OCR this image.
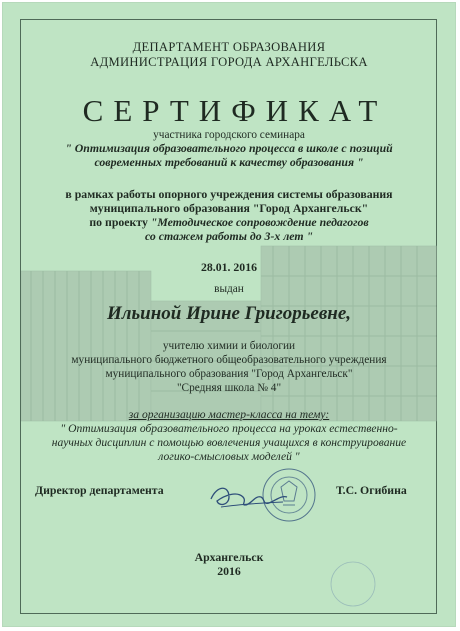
ДЕПАРТАМЕНТ ОБРАЗОВАНИЯ
АДМИНИСТРАЦИЯ ГОРОДА АРХАНГЕЛЬСКА
СЕРТИФИКАТ
участника городского семинара
" Оптимизация образовательного процесса в школе с позиций
современных требований к качеству образования "
в рамках работы опорного учреждения системы образования
муниципального образования "Город Архангельск"
по проекту "Методическое сопровождение педагогов
со стажем работы до 3-х лет "
28.01. 2016
выдан
Ильиной Ирине Григорьевне,
учителю химии и биологии
муниципального бюджетного общеобразовательного учреждения
муниципального образования "Город Архангельск"
"Средняя школа № 4"
за организацию мастер-класса на тему:
" Оптимизация образовательного процесса на уроках естественно-
научных дисциплин с помощью вовлечения учащихся в конструирование
логико-смысловых моделей "
Директор департамента	Т.С. Огибина
Архангельск
2016
